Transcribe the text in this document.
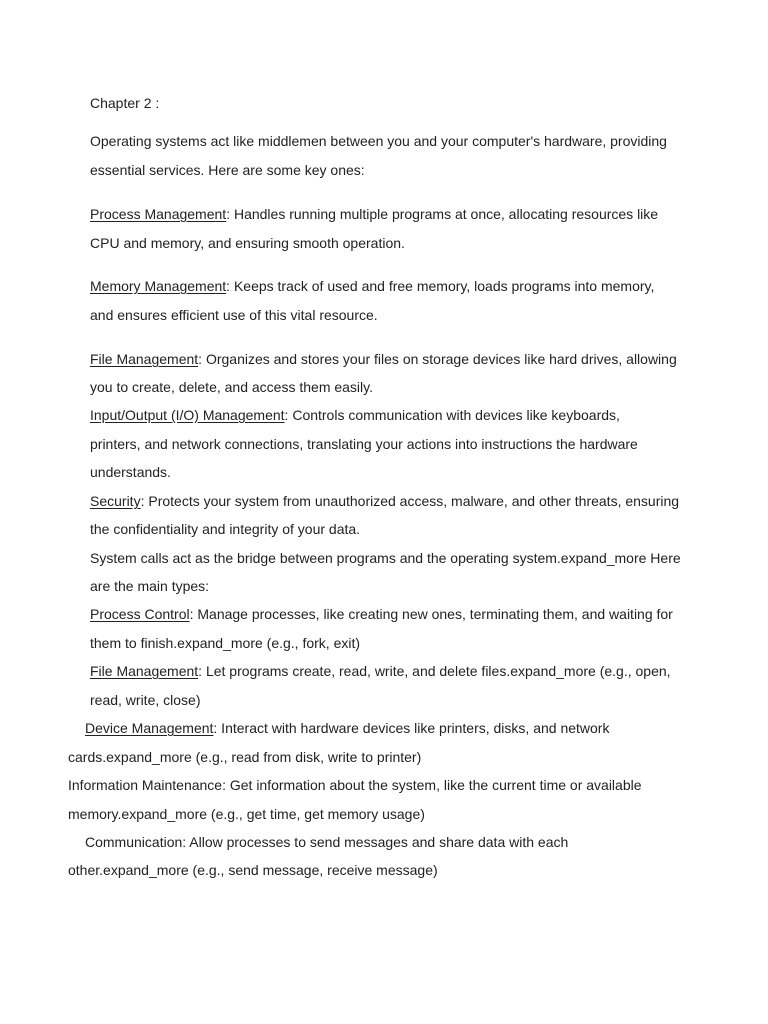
Chapter 2 :
Operating systems act like middlemen between you and your computer's hardware, providing
essential services. Here are some key ones:
Process Management: Handles running multiple programs at once, allocating resources like
CPU and memory, and ensuring smooth operation.
Memory Management: Keeps track of used and free memory, loads programs into memory,
and ensures efficient use of this vital resource.
File Management: Organizes and stores your files on storage devices like hard drives, allowing
you to create, delete, and access them easily.
Input/Output (I/O) Management: Controls communication with devices like keyboards,
printers, and network connections, translating your actions into instructions the hardware
understands.
Security: Protects your system from unauthorized access, malware, and other threats, ensuring
the confidentiality and integrity of your data.
System calls act as the bridge between programs and the operating system.expand_more Here
are the main types:
Process Control: Manage processes, like creating new ones, terminating them, and waiting for
them to finish.expand_more (e.g., fork, exit)
File Management: Let programs create, read, write, and delete files.expand_more (e.g., open,
read, write, close)
Device Management: Interact with hardware devices like printers, disks, and network
cards.expand_more (e.g., read from disk, write to printer)
Information Maintenance: Get information about the system, like the current time or available
memory.expand_more (e.g., get time, get memory usage)
Communication: Allow processes to send messages and share data with each
other.expand_more (e.g., send message, receive message)
